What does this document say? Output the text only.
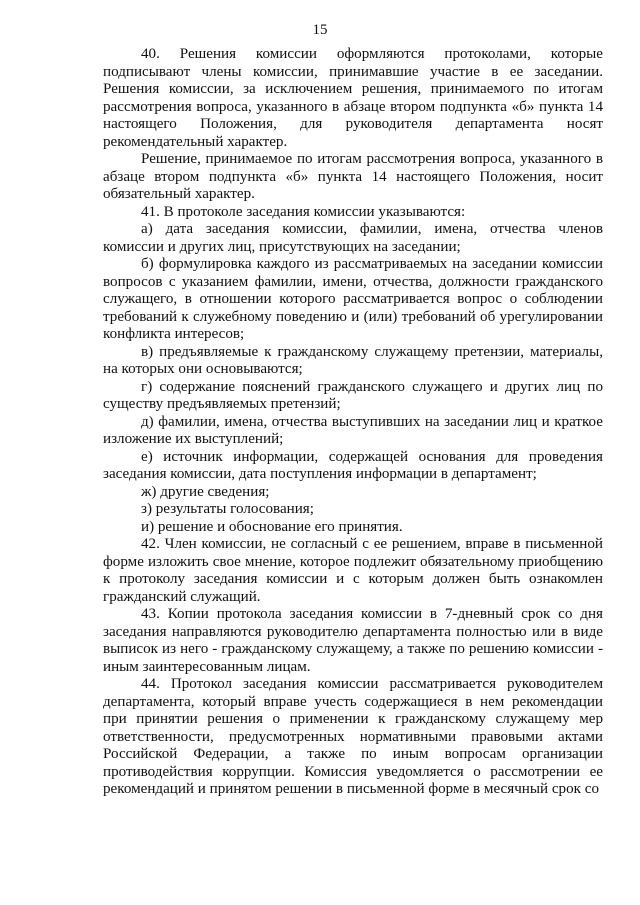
15

40. Решения комиссии оформляются протоколами, которые подписывают члены комиссии, принимавшие участие в ее заседании. Решения комиссии, за исключением решения, принимаемого по итогам рассмотрения вопроса, указанного в абзаце втором подпункта «б» пункта 14 настоящего Положения, для руководителя департамента носят рекомендательный характер.

Решение, принимаемое по итогам рассмотрения вопроса, указанного в абзаце втором подпункта «б» пункта 14 настоящего Положения, носит обязательный характер.

41. В протоколе заседания комиссии указываются:

а) дата заседания комиссии, фамилии, имена, отчества членов комиссии и других лиц, присутствующих на заседании;

б) формулировка каждого из рассматриваемых на заседании комиссии вопросов с указанием фамилии, имени, отчества, должности гражданского служащего, в отношении которого рассматривается вопрос о соблюдении требований к служебному поведению и (или) требований об урегулировании конфликта интересов;

в) предъявляемые к гражданскому служащему претензии, материалы, на которых они основываются;

г) содержание пояснений гражданского служащего и других лиц по существу предъявляемых претензий;

д) фамилии, имена, отчества выступивших на заседании лиц и краткое изложение их выступлений;

е) источник информации, содержащей основания для проведения заседания комиссии, дата поступления информации в департамент;

ж) другие сведения;

з) результаты голосования;

и) решение и обоснование его принятия.

42. Член комиссии, не согласный с ее решением, вправе в письменной форме изложить свое мнение, которое подлежит обязательному приобщению к протоколу заседания комиссии и с которым должен быть ознакомлен гражданский служащий.

43. Копии протокола заседания комиссии в 7-дневный срок со дня заседания направляются руководителю департамента полностью или в виде выписок из него - гражданскому служащему, а также по решению комиссии - иным заинтересованным лицам.

44. Протокол заседания комиссии рассматривается руководителем департамента, который вправе учесть содержащиеся в нем рекомендации при принятии решения о применении к гражданскому служащему мер ответственности, предусмотренных нормативными правовыми актами Российской Федерации, а также по иным вопросам организации противодействия коррупции. Комиссия уведомляется о рассмотрении ее рекомендаций и принятом решении в письменной форме в месячный срок со
